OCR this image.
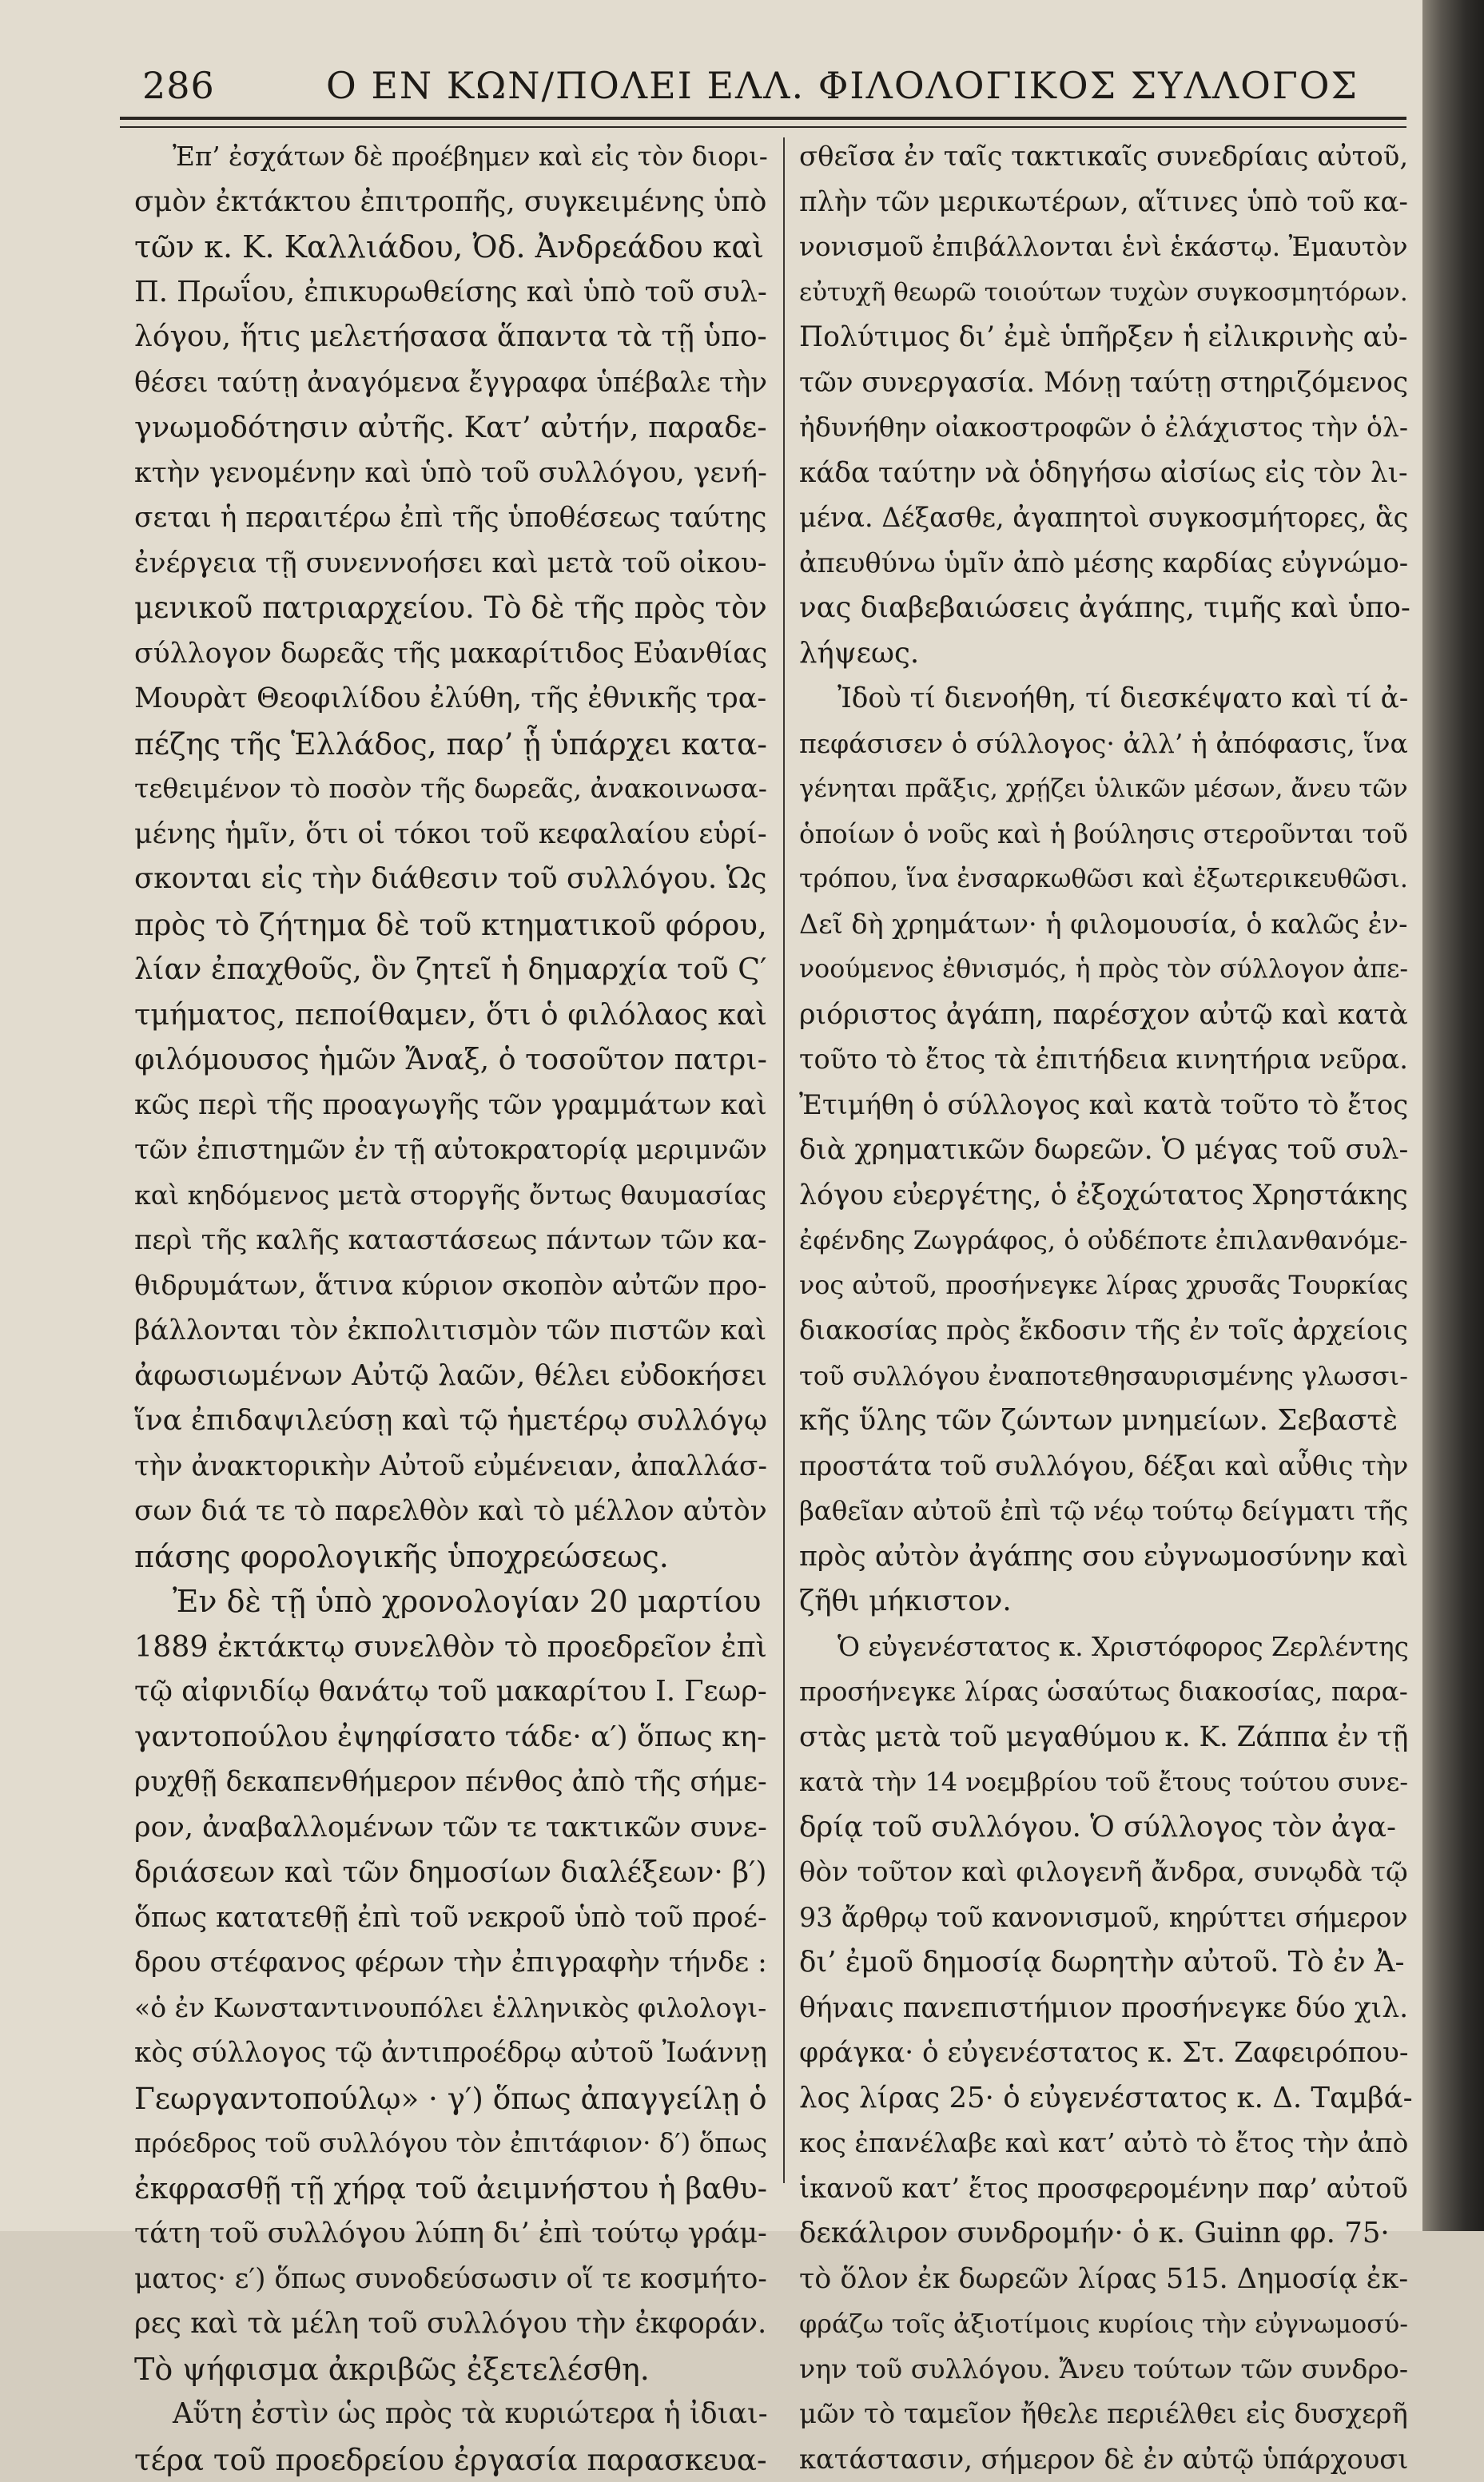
286	Ο ΕΝ ΚΩΝ/ΠΟΛΕΙ ΕΛΛ. ΦΙΛΟΛΟΓΙΚΟΣ ΣΥΛΛΟΓΟΣ
Ἐπ’ ἐσχάτων δὲ προέβημεν καὶ εἰς τὸν διορι-
σμὸν ἐκτάκτου ἐπιτροπῆς, συγκειμένης ὑπὸ
τῶν κ. Κ. Καλλιάδου, Ὀδ. Ἀνδρεάδου καὶ
Π. Πρωΐου, ἐπικυρωθείσης καὶ ὑπὸ τοῦ συλ-
λόγου, ἥτις μελετήσασα ἅπαντα τὰ τῇ ὑπο-
θέσει ταύτῃ ἀναγόμενα ἔγγραφα ὑπέβαλε τὴν
γνωμοδότησιν αὐτῆς. Κατ’ αὐτήν, παραδε-
κτὴν γενομένην καὶ ὑπὸ τοῦ συλλόγου, γενή-
σεται ἡ περαιτέρω ἐπὶ τῆς ὑποθέσεως ταύτης
ἐνέργεια τῇ συνεννοήσει καὶ μετὰ τοῦ οἰκου-
μενικοῦ πατριαρχείου. Τὸ δὲ τῆς πρὸς τὸν
σύλλογον δωρεᾶς τῆς μακαρίτιδος Εὐανθίας
Μουρὰτ Θεοφιλίδου ἐλύθη, τῆς ἐθνικῆς τρα-
πέζης τῆς Ἑλλάδος, παρ’ ᾗ ὑπάρχει κατα-
τεθειμένον τὸ ποσὸν τῆς δωρεᾶς, ἀνακοινωσα-
μένης ἡμῖν, ὅτι οἱ τόκοι τοῦ κεφαλαίου εὑρί-
σκονται εἰς τὴν διάθεσιν τοῦ συλλόγου. Ὡς
πρὸς τὸ ζήτημα δὲ τοῦ κτηματικοῦ φόρου,
λίαν ἐπαχθοῦς, ὃν ζητεῖ ἡ δημαρχία τοῦ Ϛ′
τμήματος, πεποίθαμεν, ὅτι ὁ φιλόλαος καὶ
φιλόμουσος ἡμῶν Ἄναξ, ὁ τοσοῦτον πατρι-
κῶς περὶ τῆς προαγωγῆς τῶν γραμμάτων καὶ
τῶν ἐπιστημῶν ἐν τῇ αὐτοκρατορίᾳ μεριμνῶν
καὶ κηδόμενος μετὰ στοργῆς ὄντως θαυμασίας
περὶ τῆς καλῆς καταστάσεως πάντων τῶν κα-
θιδρυμάτων, ἅτινα κύριον σκοπὸν αὐτῶν προ-
βάλλονται τὸν ἐκπολιτισμὸν τῶν πιστῶν καὶ
ἀφωσιωμένων Αὐτῷ λαῶν, θέλει εὐδοκήσει
ἵνα ἐπιδαψιλεύσῃ καὶ τῷ ἡμετέρῳ συλλόγῳ
τὴν ἀνακτορικὴν Αὐτοῦ εὐμένειαν, ἀπαλλάσ-
σων διά τε τὸ παρελθὸν καὶ τὸ μέλλον αὐτὸν
πάσης φορολογικῆς ὑποχρεώσεως.
Ἐν δὲ τῇ ὑπὸ χρονολογίαν 20 μαρτίου
1889 ἐκτάκτῳ συνελθὸν τὸ προεδρεῖον ἐπὶ
τῷ αἰφνιδίῳ θανάτῳ τοῦ μακαρίτου Ι. Γεωρ-
γαντοπούλου ἐψηφίσατο τάδε· α′) ὅπως κη-
ρυχθῇ δεκαπενθήμερον πένθος ἀπὸ τῆς σήμε-
ρον, ἀναβαλλομένων τῶν τε τακτικῶν συνε-
δριάσεων καὶ τῶν δημοσίων διαλέξεων· β′)
ὅπως κατατεθῇ ἐπὶ τοῦ νεκροῦ ὑπὸ τοῦ προέ-
δρου στέφανος φέρων τὴν ἐπιγραφὴν τήνδε :
«ὁ ἐν Κωνσταντινουπόλει ἑλληνικὸς φιλολογι-
κὸς σύλλογος τῷ ἀντιπροέδρῳ αὐτοῦ Ἰωάννῃ
Γεωργαντοπούλῳ» · γ′) ὅπως ἀπαγγείλῃ ὁ
πρόεδρος τοῦ συλλόγου τὸν ἐπιτάφιον· δ′) ὅπως
ἐκφρασθῇ τῇ χήρᾳ τοῦ ἀειμνήστου ἡ βαθυ-
τάτη τοῦ συλλόγου λύπη δι’ ἐπὶ τούτῳ γράμ-
ματος· ε′) ὅπως συνοδεύσωσιν οἵ τε κοσμήτο-
ρες καὶ τὰ μέλη τοῦ συλλόγου τὴν ἐκφοράν.
Τὸ ψήφισμα ἀκριβῶς ἐξετελέσθη.
Αὕτη ἐστὶν ὡς πρὸς τὰ κυριώτερα ἡ ἰδιαι-
τέρα τοῦ προεδρείου ἐργασία παρασκευα-
σθεῖσα ἐν ταῖς τακτικαῖς συνεδρίαις αὐτοῦ,
πλὴν τῶν μερικωτέρων, αἵτινες ὑπὸ τοῦ κα-
νονισμοῦ ἐπιβάλλονται ἑνὶ ἑκάστῳ. Ἐμαυτὸν
εὐτυχῆ θεωρῶ τοιούτων τυχὼν συγκοσμητόρων.
Πολύτιμος δι’ ἐμὲ ὑπῆρξεν ἡ εἰλικρινὴς αὐ-
τῶν συνεργασία. Μόνῃ ταύτῃ στηριζόμενος
ἠδυνήθην οἰακοστροφῶν ὁ ἐλάχιστος τὴν ὁλ-
κάδα ταύτην νὰ ὁδηγήσω αἰσίως εἰς τὸν λι-
μένα. Δέξασθε, ἀγαπητοὶ συγκοσμήτορες, ἃς
ἀπευθύνω ὑμῖν ἀπὸ μέσης καρδίας εὐγνώμο-
νας διαβεβαιώσεις ἀγάπης, τιμῆς καὶ ὑπο-
λήψεως.
Ἰδοὺ τί διενοήθη, τί διεσκέψατο καὶ τί ἀ-
πεφάσισεν ὁ σύλλογος· ἀλλ’ ἡ ἀπόφασις, ἵνα
γένηται πρᾶξις, χρῄζει ὑλικῶν μέσων, ἄνευ τῶν
ὁποίων ὁ νοῦς καὶ ἡ βούλησις στεροῦνται τοῦ
τρόπου, ἵνα ἐνσαρκωθῶσι καὶ ἐξωτερικευθῶσι.
Δεῖ δὴ χρημάτων· ἡ φιλομουσία, ὁ καλῶς ἐν-
νοούμενος ἐθνισμός, ἡ πρὸς τὸν σύλλογον ἀπε-
ριόριστος ἀγάπη, παρέσχον αὐτῷ καὶ κατὰ
τοῦτο τὸ ἔτος τὰ ἐπιτήδεια κινητήρια νεῦρα.
Ἐτιμήθη ὁ σύλλογος καὶ κατὰ τοῦτο τὸ ἔτος
διὰ χρηματικῶν δωρεῶν. Ὁ μέγας τοῦ συλ-
λόγου εὐεργέτης, ὁ ἐξοχώτατος Χρηστάκης
ἐφένδης Ζωγράφος, ὁ οὐδέποτε ἐπιλανθανόμε-
νος αὐτοῦ, προσήνεγκε λίρας χρυσᾶς Τουρκίας
διακοσίας πρὸς ἔκδοσιν τῆς ἐν τοῖς ἀρχείοις
τοῦ συλλόγου ἐναποτεθησαυρισμένης γλωσσι-
κῆς ὕλης τῶν ζώντων μνημείων. Σεβαστὲ
προστάτα τοῦ συλλόγου, δέξαι καὶ αὖθις τὴν
βαθεῖαν αὐτοῦ ἐπὶ τῷ νέῳ τούτῳ δείγματι τῆς
πρὸς αὐτὸν ἀγάπης σου εὐγνωμοσύνην καὶ
ζῆθι μήκιστον.
Ὁ εὐγενέστατος κ. Χριστόφορος Ζερλέντης
προσήνεγκε λίρας ὡσαύτως διακοσίας, παρα-
στὰς μετὰ τοῦ μεγαθύμου κ. Κ. Ζάππα ἐν τῇ
κατὰ τὴν 14 νοεμβρίου τοῦ ἔτους τούτου συνε-
δρίᾳ τοῦ συλλόγου. Ὁ σύλλογος τὸν ἀγα-
θὸν τοῦτον καὶ φιλογενῆ ἄνδρα, συνῳδὰ τῷ
93 ἄρθρῳ τοῦ κανονισμοῦ, κηρύττει σήμερον
δι’ ἐμοῦ δημοσίᾳ δωρητὴν αὐτοῦ. Τὸ ἐν Ἀ-
θήναις πανεπιστήμιον προσήνεγκε δύο χιλ.
φράγκα· ὁ εὐγενέστατος κ. Στ. Ζαφειρόπου-
λος λίρας 25· ὁ εὐγενέστατος κ. Δ. Ταμβά-
κος ἐπανέλαβε καὶ κατ’ αὐτὸ τὸ ἔτος τὴν ἀπὸ
ἱκανοῦ κατ’ ἔτος προσφερομένην παρ’ αὐτοῦ
δεκάλιρον συνδρομήν· ὁ κ. Guinn φρ. 75·
τὸ ὅλον ἐκ δωρεῶν λίρας 515. Δημοσίᾳ ἐκ-
φράζω τοῖς ἀξιοτίμοις κυρίοις τὴν εὐγνωμοσύ-
νην τοῦ συλλόγου. Ἄνευ τούτων τῶν συνδρο-
μῶν τὸ ταμεῖον ἤθελε περιέλθει εἰς δυσχερῆ
κατάστασιν, σήμερον δὲ ἐν αὐτῷ ὑπάρχουσι
